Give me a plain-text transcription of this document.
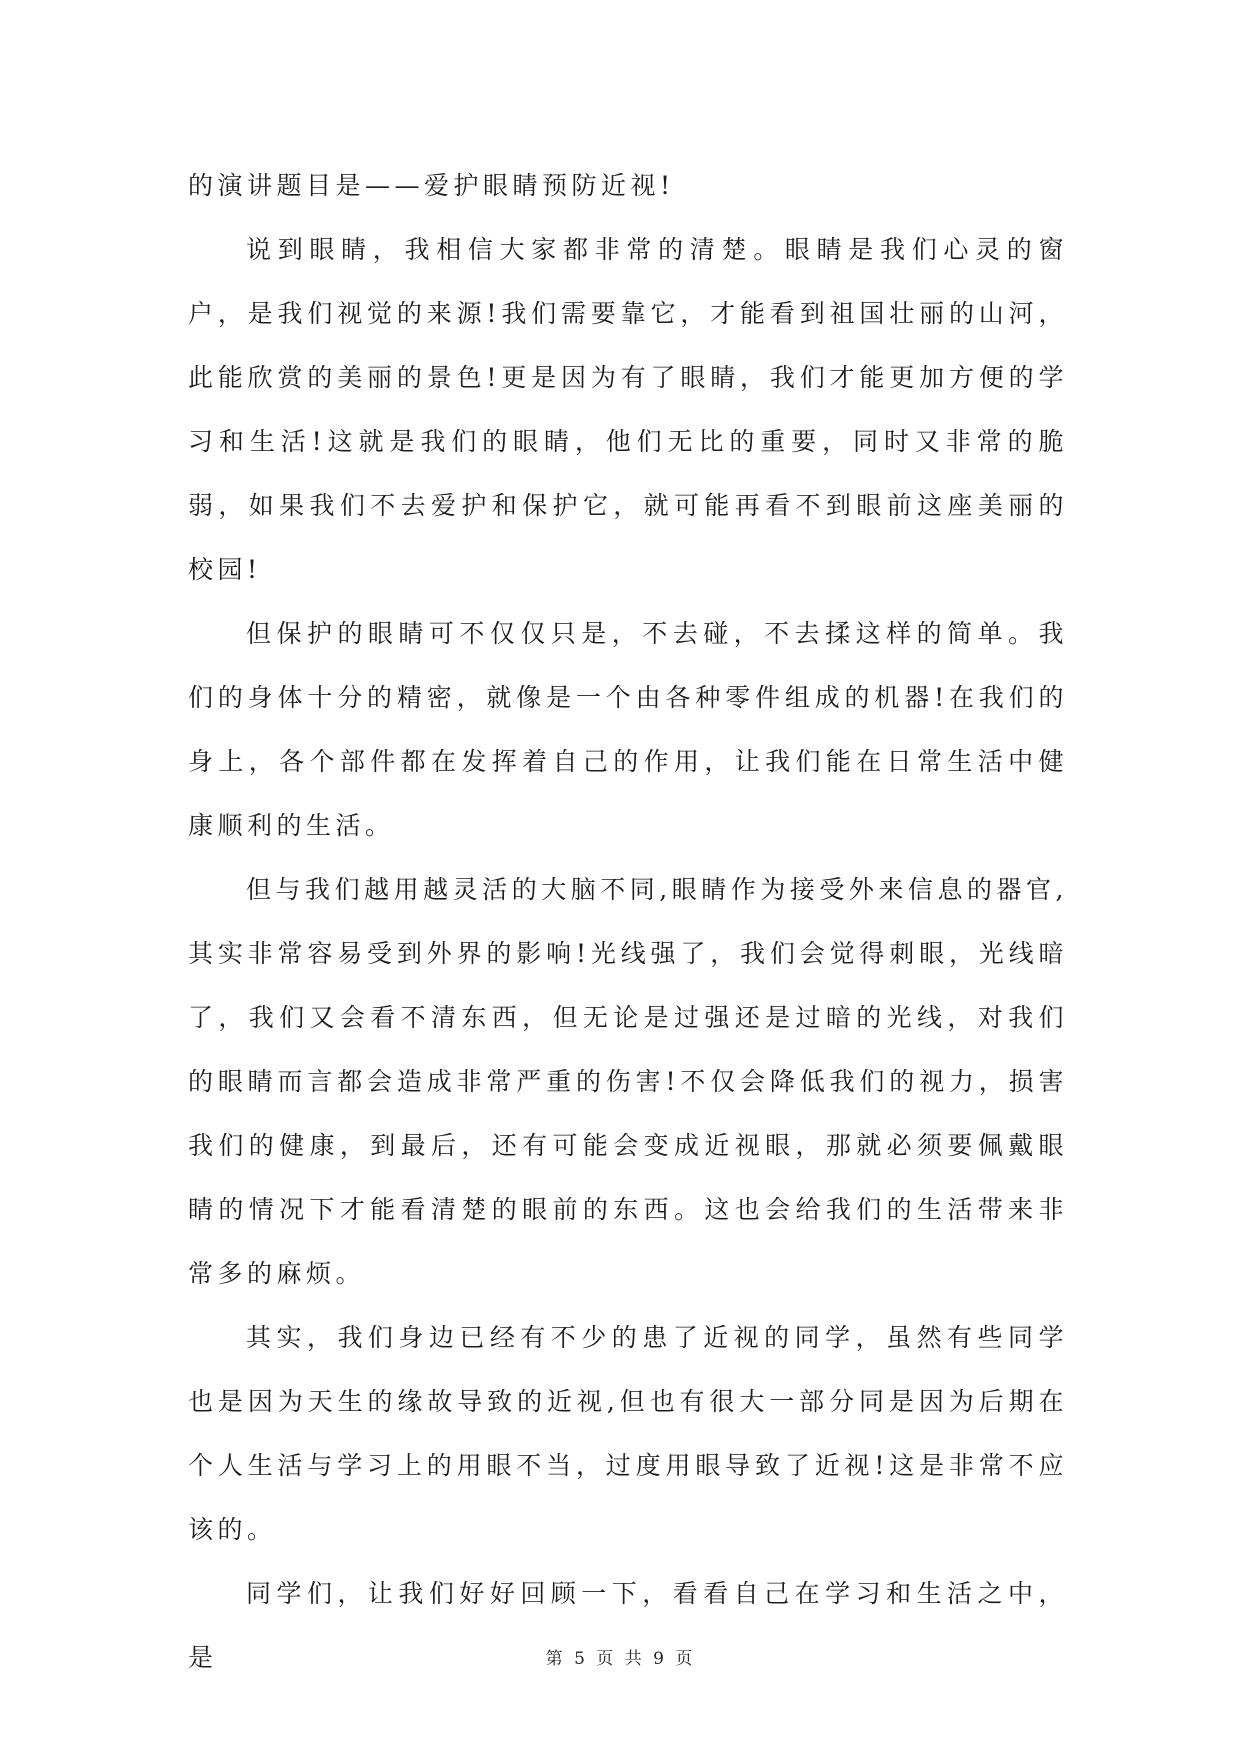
的演讲题目是——爱护眼睛预防近视!

说到眼睛，我相信大家都非常的清楚。眼睛是我们心灵的窗户，是我们视觉的来源!我们需要靠它，才能看到祖国壮丽的山河，此能欣赏的美丽的景色!更是因为有了眼睛，我们才能更加方便的学习和生活!这就是我们的眼睛，他们无比的重要，同时又非常的脆弱，如果我们不去爱护和保护它，就可能再看不到眼前这座美丽的校园!

但保护的眼睛可不仅仅只是，不去碰，不去揉这样的简单。我们的身体十分的精密，就像是一个由各种零件组成的机器!在我们的身上，各个部件都在发挥着自己的作用，让我们能在日常生活中健康顺利的生活。

但与我们越用越灵活的大脑不同,眼睛作为接受外来信息的器官,其实非常容易受到外界的影响!光线强了，我们会觉得刺眼，光线暗了，我们又会看不清东西，但无论是过强还是过暗的光线，对我们的眼睛而言都会造成非常严重的伤害!不仅会降低我们的视力，损害我们的健康，到最后，还有可能会变成近视眼，那就必须要佩戴眼睛的情况下才能看清楚的眼前的东西。这也会给我们的生活带来非常多的麻烦。

其实，我们身边已经有不少的患了近视的同学，虽然有些同学也是因为天生的缘故导致的近视,但也有很大一部分同是因为后期在个人生活与学习上的用眼不当，过度用眼导致了近视!这是非常不应该的。

同学们，让我们好好回顾一下，看看自己在学习和生活之中，是	第 5 页 共 9 页
